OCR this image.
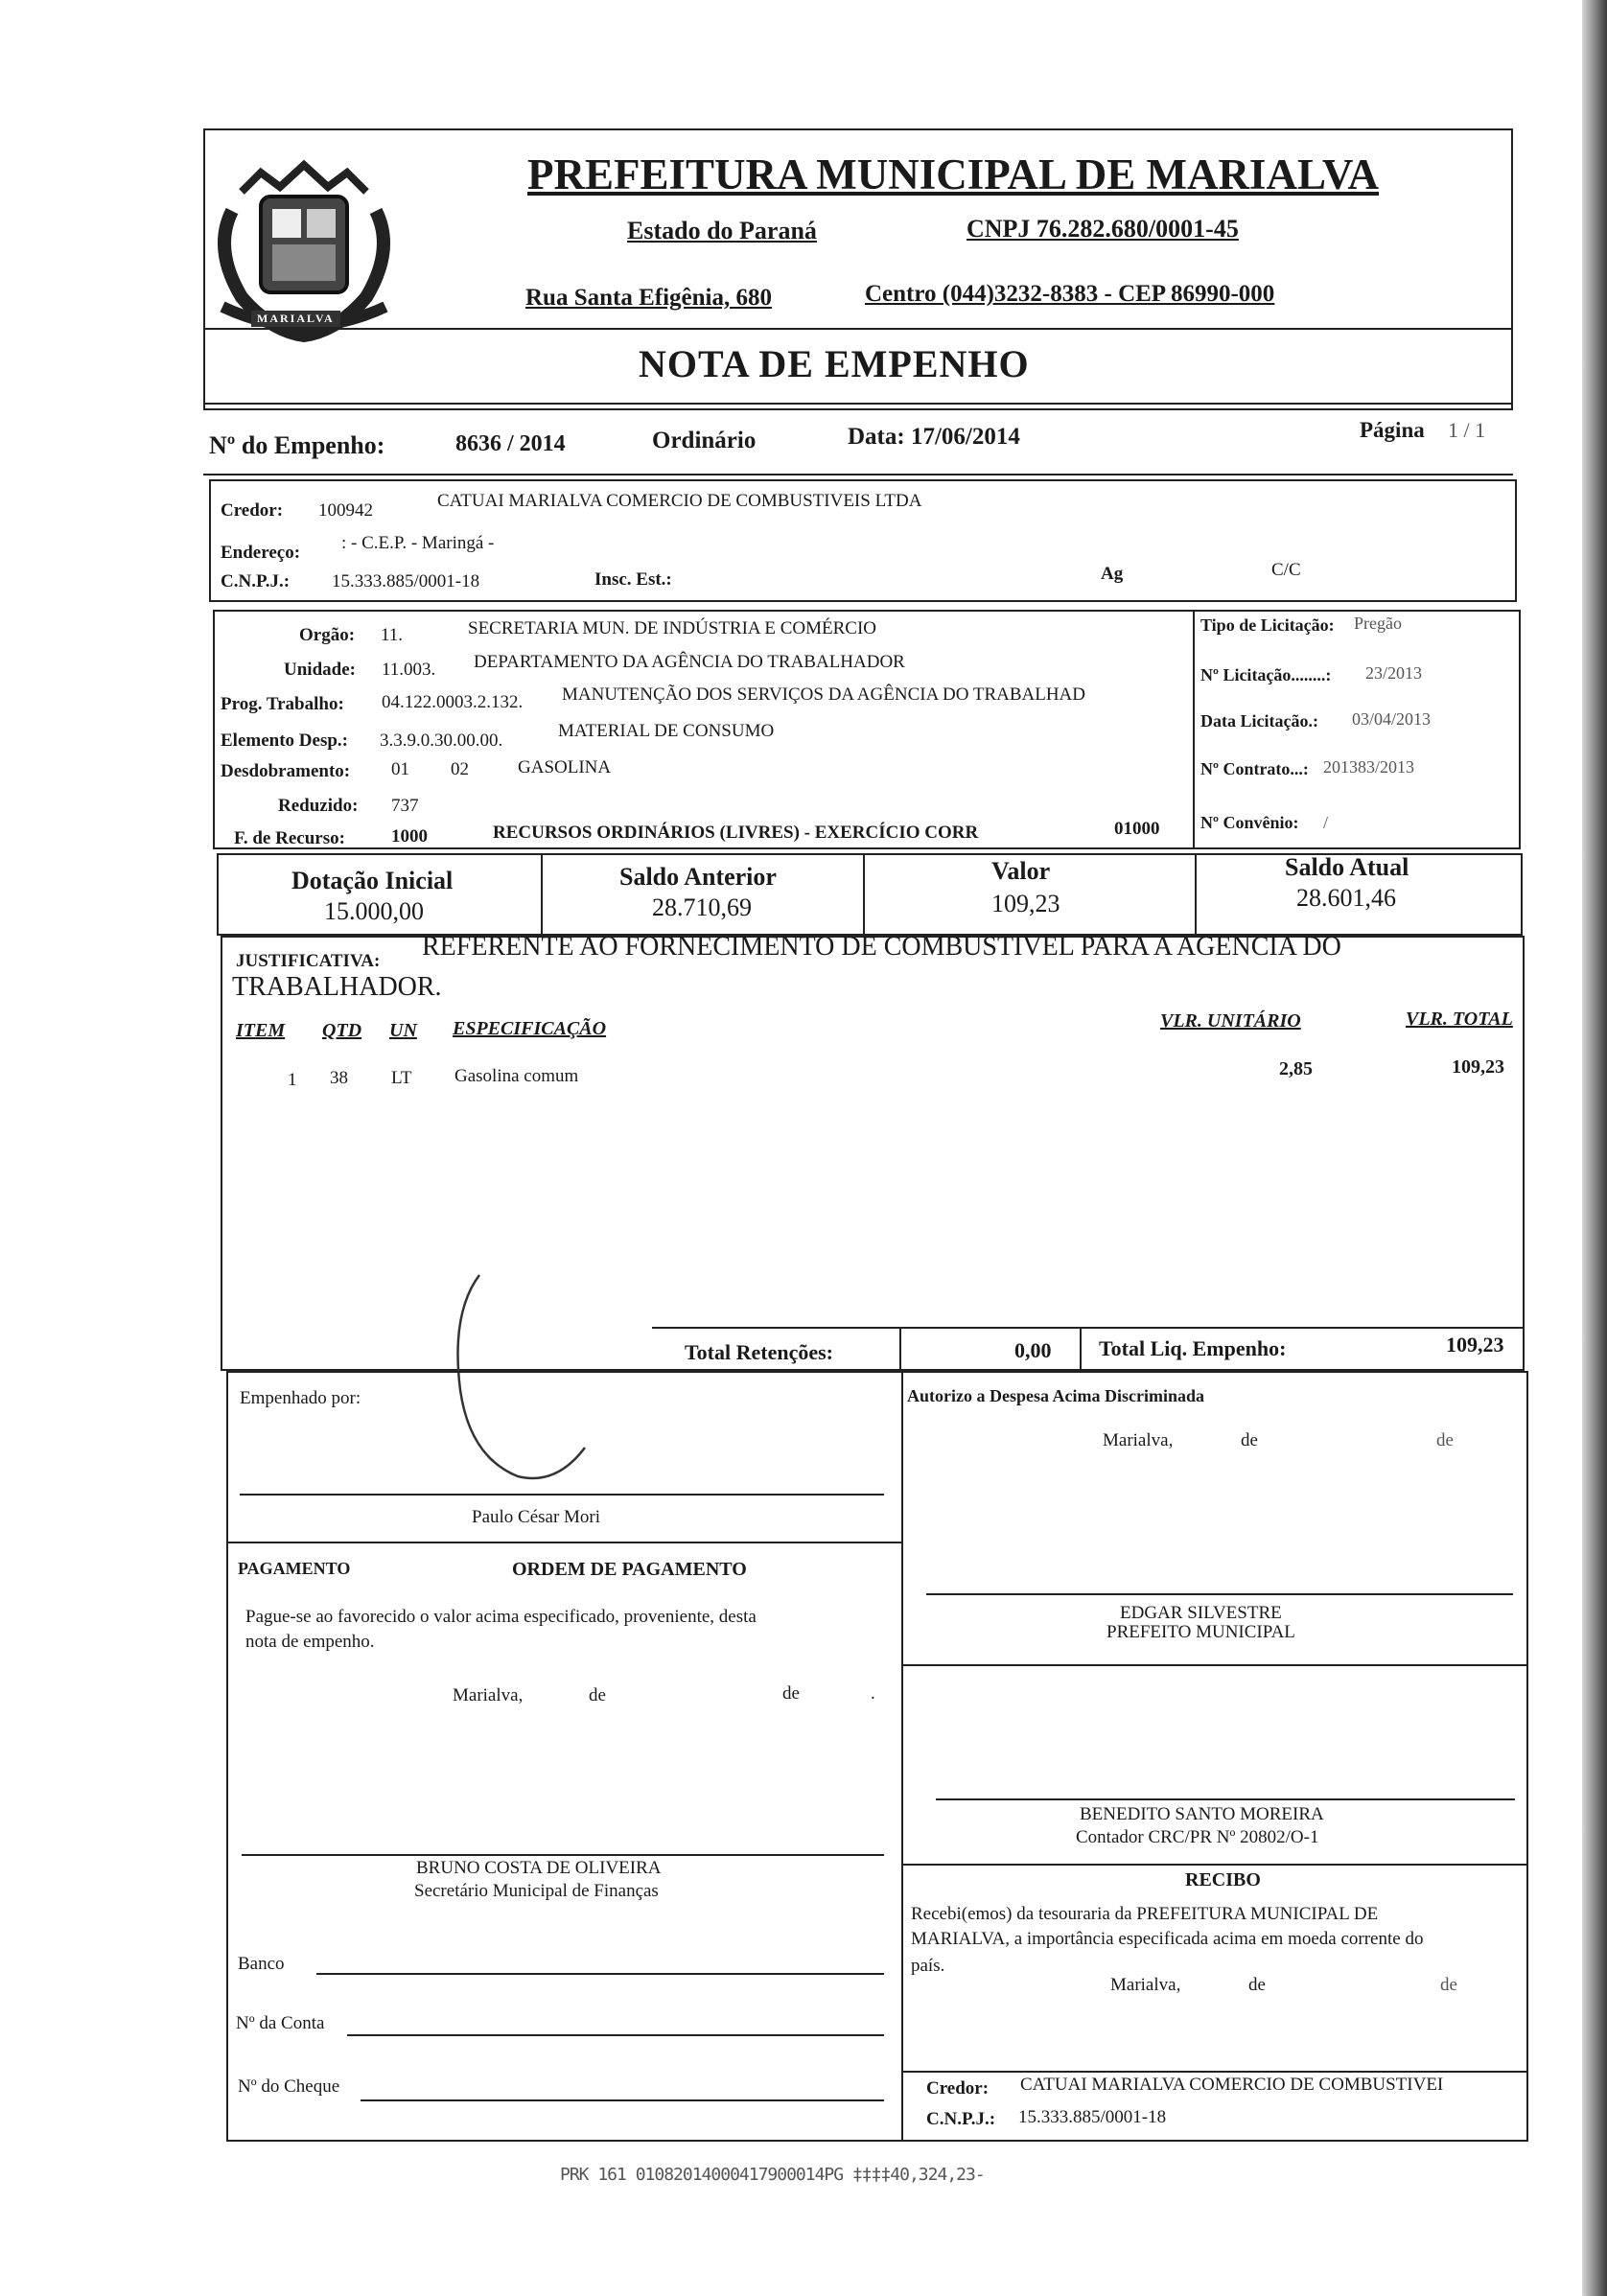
MARIALVA
PREFEITURA MUNICIPAL DE MARIALVA
Estado do Paraná	CNPJ 76.282.680/0001-45
Rua Santa Efigênia, 680	Centro (044)3232-8383 - CEP 86990-000
NOTA DE EMPENHO
Nº do Empenho:	8636 / 2014	Ordinário	Data: 17/06/2014	Página 1 / 1
Credor: 100942	CATUAI MARIALVA COMERCIO DE COMBUSTIVEIS LTDA
Endereço: : - C.E.P. - Maringá -
C.N.P.J.: 15.333.885/0001-18	Insc. Est.:	Ag	C/C
Orgão: 11.	SECRETARIA MUN. DE INDÚSTRIA E COMÉRCIO
Unidade: 11.003. DEPARTAMENTO DA AGÊNCIA DO TRABALHADOR
Prog. Trabalho: 04.122.0003.2.132. MANUTENÇÃO DOS SERVIÇOS DA AGÊNCIA DO TRABALHAD
Elemento Desp.: 3.3.9.0.30.00.00.	MATERIAL DE CONSUMO
Desdobramento: 01 02	GASOLINA
Reduzido: 737
F. de Recurso:	1000	RECURSOS ORDINÁRIOS (LIVRES) - EXERCÍCIO CORR	01000
Tipo de Licitação: Pregão
Nº Licitação........: 23/2013
Data Licitação.: 03/04/2013
Nº Contrato...: 201383/2013
Nº Convênio: /
Dotação Inicial
15.000,00
Saldo Anterior
28.710,69
Valor
109,23
Saldo Atual
28.601,46
JUSTIFICATIVA: REFERENTE AO FORNECIMENTO DE COMBUSTIVEL PARA A AGENCIA DO
TRABALHADOR.
ITEM QTD UN ESPECIFICAÇÃO	VLR. UNITÁRIO	VLR. TOTAL
1 38 LT Gasolina comum	2,85	109,23
Total Retenções:	0,00 Total Liq. Empenho:	109,23
Empenhado por:
Paulo César Mori
Autorizo a Despesa Acima Discriminada
Marialva,	de	de
EDGAR SILVESTRE
PREFEITO MUNICIPAL
PAGAMENTO	ORDEM DE PAGAMENTO
Pague-se ao favorecido o valor acima especificado, proveniente, desta
nota de empenho.
Marialva,	de	de	.
BRUNO COSTA DE OLIVEIRA
Secretário Municipal de Finanças
Banco
Nº da Conta
Nº do Cheque
BENEDITO SANTO MOREIRA
Contador CRC/PR Nº 20802/O-1
RECIBO
Recebi(emos) da tesouraria da PREFEITURA MUNICIPAL DE
MARIALVA, a importância especificada acima em moeda corrente do
país.
Marialva,	de	de
Credor: CATUAI MARIALVA COMERCIO DE COMBUSTIVEI
C.N.P.J.: 15.333.885/0001-18
PRK 161 01082014000417900014PG ‡‡‡‡40,324,23-
